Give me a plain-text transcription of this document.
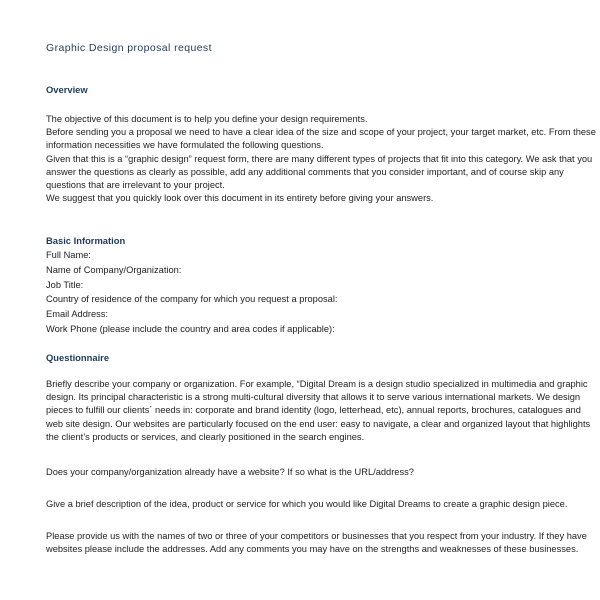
Graphic Design proposal request
Overview
The objective of this document is to help you define your design requirements.
Before sending you a proposal we need to have a clear idea of the size and scope of your project, your target market, etc. From these
information necessities we have formulated the following questions.
Given that this is a “graphic design” request form, there are many different types of projects that fit into this category. We ask that you
answer the questions as clearly as possible, add any additional comments that you consider important, and of course skip any
questions that are irrelevant to your project.
We suggest that you quickly look over this document in its entirety before giving your answers.
Basic Information
Full Name:
Name of Company/Organization:
Job Title:
Country of residence of the company for which you request a proposal:
Email Address:
Work Phone (please include the country and area codes if applicable):
Questionnaire
Briefly describe your company or organization. For example, “Digital Dream is a design studio specialized in multimedia and graphic
design. Its principal characteristic is a strong multi-cultural diversity that allows it to serve various international markets. We design
pieces to fulfill our clients´ needs in: corporate and brand identity (logo, letterhead, etc), annual reports, brochures, catalogues and
web site design. Our websites are particularly focused on the end user: easy to navigate, a clear and organized layout that highlights
the client’s products or services, and clearly positioned in the search engines.
Does your company/organization already have a website? If so what is the URL/address?
Give a brief description of the idea, product or service for which you would like Digital Dreams to create a graphic design piece.
Please provide us with the names of two or three of your competitors or businesses that you respect from your industry. If they have
websites please include the addresses. Add any comments you may have on the strengths and weaknesses of these businesses.
